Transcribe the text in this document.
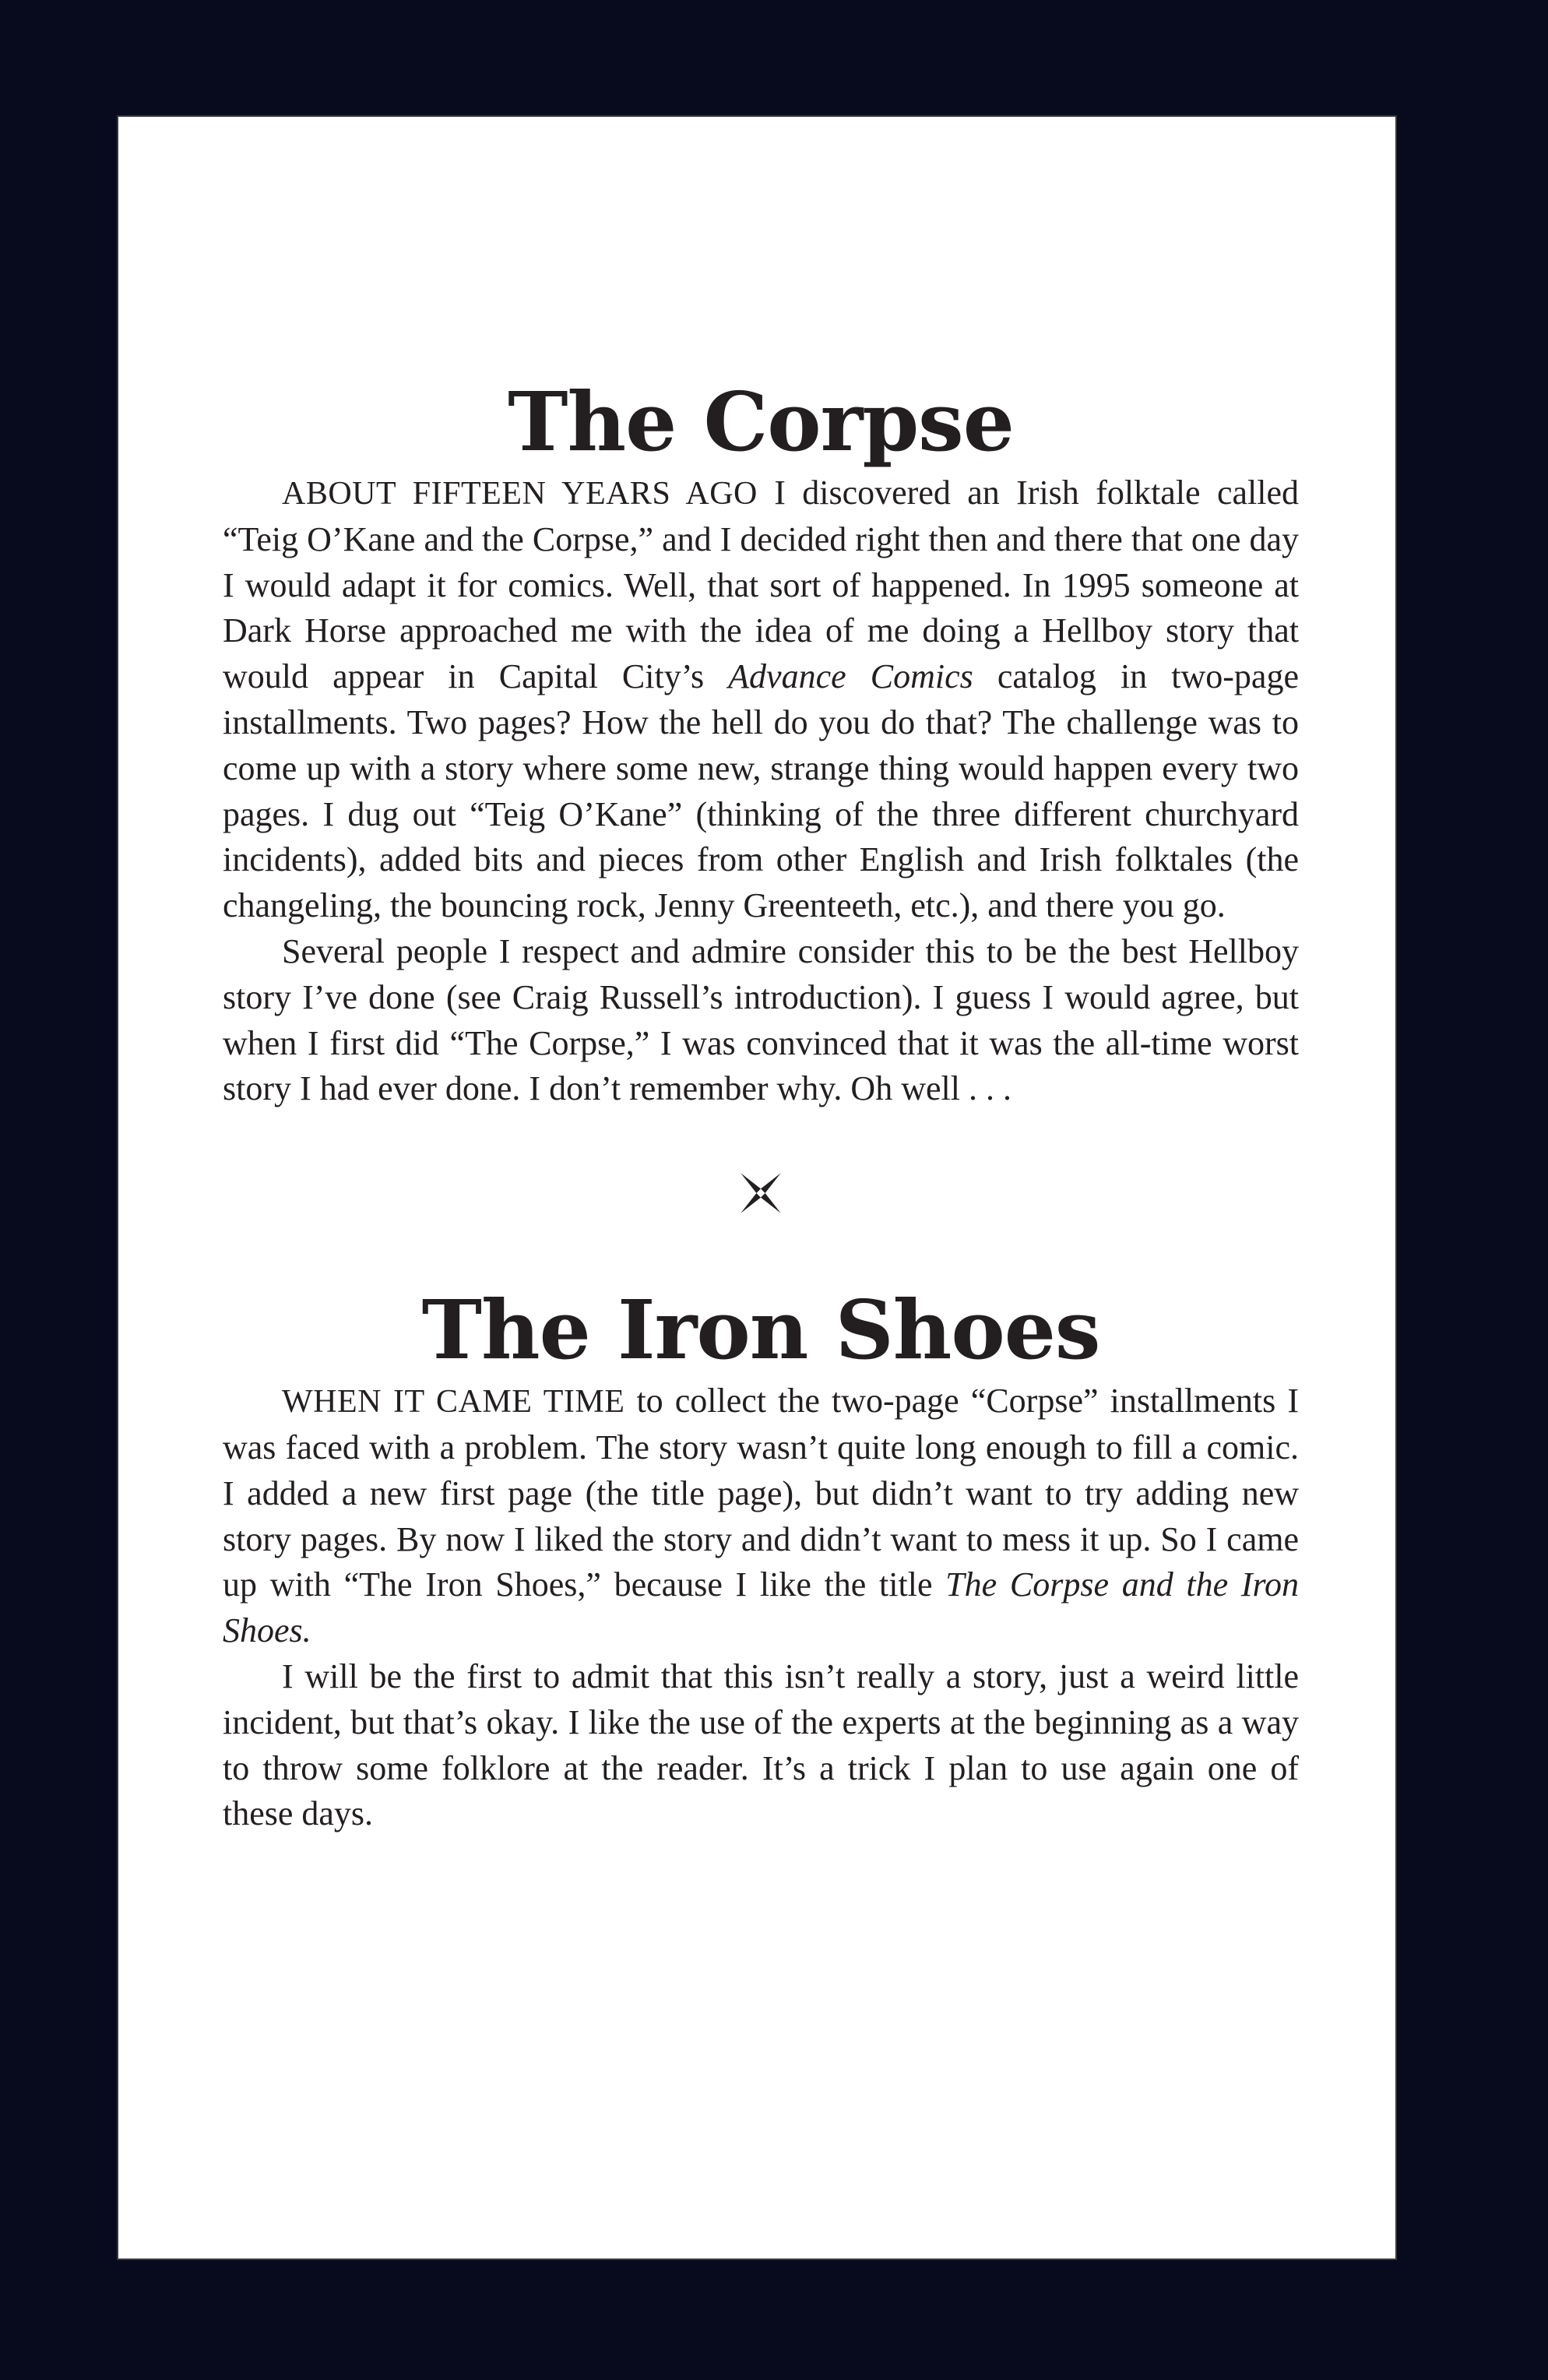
The Corpse

ABOUT FIFTEEN YEARS AGO I discovered an Irish folktale called “Teig O’Kane and the Corpse,” and I decided right then and there that one day I would adapt it for comics. Well, that sort of happened. In 1995 someone at Dark Horse approached me with the idea of me doing a Hellboy story that would appear in Capital City’s Advance Comics catalog in two-page installments. Two pages? How the hell do you do that? The challenge was to come up with a story where some new, strange thing would happen every two pages. I dug out “Teig O’Kane” (thinking of the three different churchyard incidents), added bits and pieces from other English and Irish folktales (the changeling, the bouncing rock, Jenny Greenteeth, etc.), and there you go.

Several people I respect and admire consider this to be the best Hellboy story I’ve done (see Craig Russell’s introduction). I guess I would agree, but when I first did “The Corpse,” I was convinced that it was the all-time worst story I had ever done. I don’t remember why. Oh well . . .

The Iron Shoes

WHEN IT CAME TIME to collect the two-page “Corpse” installments I was faced with a problem. The story wasn’t quite long enough to fill a comic. I added a new first page (the title page), but didn’t want to try adding new story pages. By now I liked the story and didn’t want to mess it up. So I came up with “The Iron Shoes,” because I like the title The Corpse and the Iron Shoes.

I will be the first to admit that this isn’t really a story, just a weird little incident, but that’s okay. I like the use of the experts at the beginning as a way to throw some folklore at the reader. It’s a trick I plan to use again one of these days.
